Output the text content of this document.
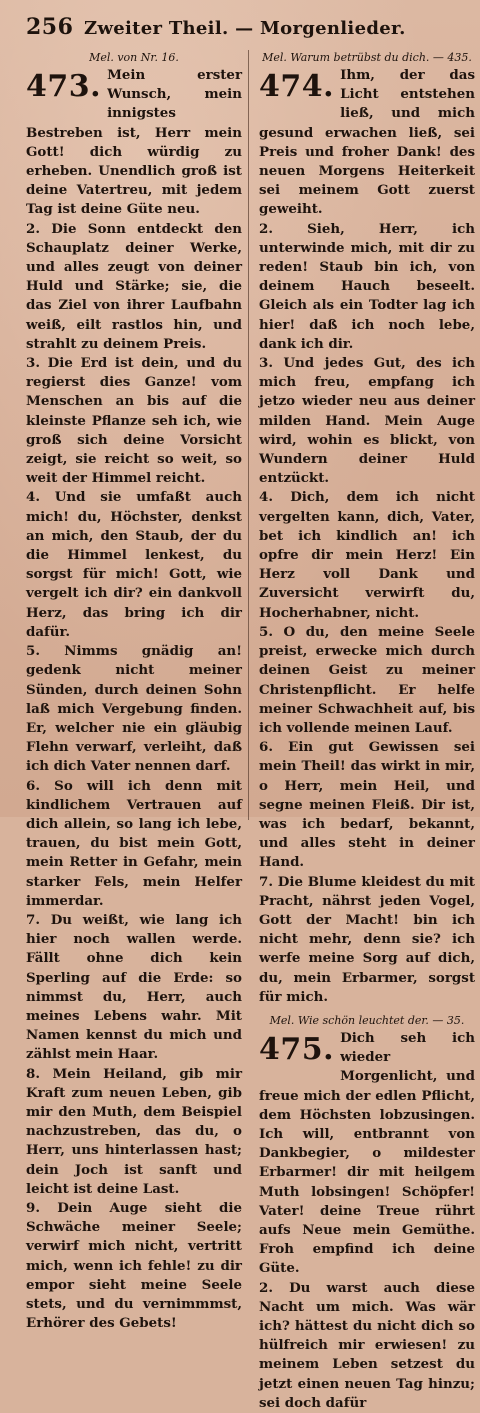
256 Zweiter Theil. — Morgenlieder.
Mel. von Nr. 16.
473. Mein erster Wunsch, mein innigstes Bestreben ist, Herr mein Gott! dich würdig zu erheben. Unendlich groß ist deine Vatertreu, mit jedem Tag ist deine Güte neu.
2. Die Sonn entdeckt den Schauplatz deiner Werke, und alles zeugt von deiner Huld und Stärke; sie, die das Ziel von ihrer Laufbahn weiß, eilt rastlos hin, und strahlt zu deinem Preis.
3. Die Erd ist dein, und du regierst dies Ganze! vom Menschen an bis auf die kleinste Pflanze seh ich, wie groß sich deine Vorsicht zeigt, sie reicht so weit, so weit der Himmel reicht.
4. Und sie umfaßt auch mich! du, Höchster, denkst an mich, den Staub, der du die Himmel lenkest, du sorgst für mich! Gott, wie vergelt ich dir? ein dankvoll Herz, das bring ich dir dafür.
5. Nimms gnädig an! gedenk nicht meiner Sünden, durch deinen Sohn laß mich Vergebung finden. Er, welcher nie ein gläubig Flehn verwarf, verleiht, daß ich dich Vater nennen darf.
6. So will ich denn mit kindlichem Vertrauen auf dich allein, so lang ich lebe, trauen, du bist mein Gott, mein Retter in Gefahr, mein starker Fels, mein Helfer immerdar.
7. Du weißt, wie lang ich hier noch wallen werde. Fällt ohne dich kein Sperling auf die Erde: so nimmst du, Herr, auch meines Lebens wahr. Mit Namen kennst du mich und zählst mein Haar.
8. Mein Heiland, gib mir Kraft zum neuen Leben, gib mir den Muth, dem Beispiel nachzustreben, das du, o Herr, uns hinterlassen hast; dein Joch ist sanft und leicht ist deine Last.
9. Dein Auge sieht die Schwäche meiner Seele; verwirf mich nicht, vertritt mich, wenn ich fehle! zu dir empor sieht meine Seele stets, und du vernimmmst, Erhörer des Gebets!
Mel. Warum betrübst du dich. — 435.
474. Ihm, der das Licht entstehen ließ, und mich gesund erwachen ließ, sei Preis und froher Dank! des neuen Morgens Heiterkeit sei meinem Gott zuerst geweiht.
2. Sieh, Herr, ich unterwinde mich, mit dir zu reden! Staub bin ich, von deinem Hauch beseelt. Gleich als ein Todter lag ich hier! daß ich noch lebe, dank ich dir.
3. Und jedes Gut, des ich mich freu, empfang ich jetzo wieder neu aus deiner milden Hand. Mein Auge wird, wohin es blickt, von Wundern deiner Huld entzückt.
4. Dich, dem ich nicht vergelten kann, dich, Vater, bet ich kindlich an! ich opfre dir mein Herz! Ein Herz voll Dank und Zuversicht verwirft du, Hocherhabner, nicht.
5. O du, den meine Seele preist, erwecke mich durch deinen Geist zu meiner Christenpflicht. Er helfe meiner Schwachheit auf, bis ich vollende meinen Lauf.
6. Ein gut Gewissen sei mein Theil! das wirkt in mir, o Herr, mein Heil, und segne meinen Fleiß. Dir ist, was ich bedarf, bekannt, und alles steht in deiner Hand.
7. Die Blume kleidest du mit Pracht, nährst jeden Vogel, Gott der Macht! bin ich nicht mehr, denn sie? ich werfe meine Sorg auf dich, du, mein Erbarmer, sorgst für mich.
Mel. Wie schön leuchtet der. — 35.
475. Dich seh ich wieder Morgenlicht, und freue mich der edlen Pflicht, dem Höchsten lobzusingen. Ich will, entbrannt von Dankbegier, o mildester Erbarmer! dir mit heilgem Muth lobsingen! Schöpfer! Vater! deine Treue rührt aufs Neue mein Gemüthe. Froh empfind ich deine Güte.
2. Du warst auch diese Nacht um mich. Was wär ich? hättest du nicht dich so hülfreich mir erwiesen! zu meinem Leben setzest du jetzt einen neuen Tag hinzu; sei doch dafür
